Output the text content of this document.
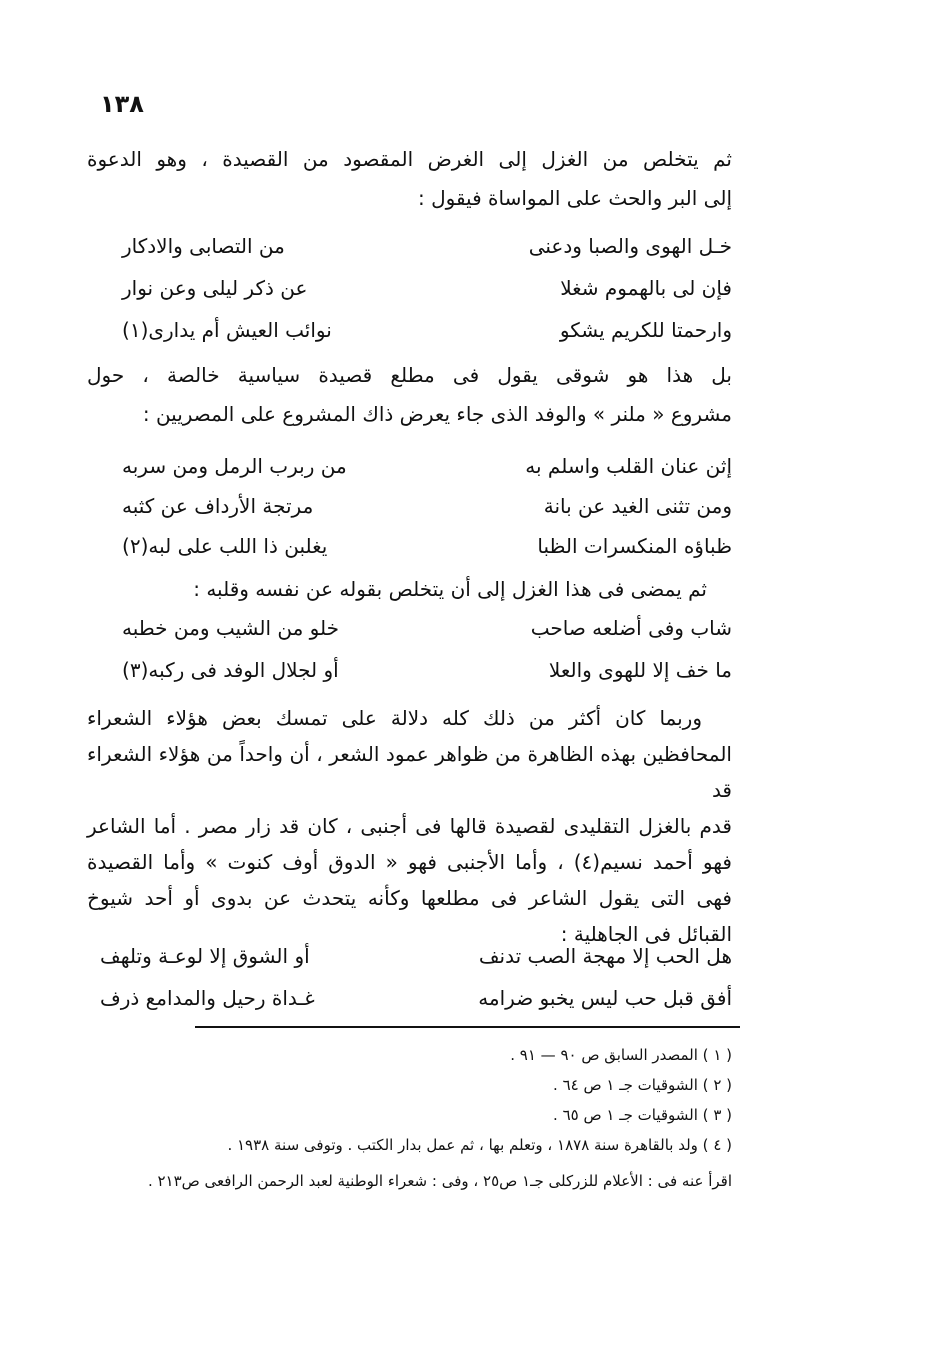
١٣٨
ثم يتخلص من الغزل إلى الغرض المقصود من القصيدة ، وهو الدعوة
إلى البر والحث على المواساة فيقول :
خـل الهوى والصبا ودعنى
من التصابى والادكار
فإن لى بالهموم شغلا
عن ذكر ليلى وعن نوار
وارحمتا للكريم يشكو
نوائب العيش أم يدارى(١)
بل هذا هو شوقى يقول فى مطلع قصيدة سياسية خالصة ، حول
مشروع « ملنر » والوفد الذى جاء يعرض ذاك المشروع على المصريين :
إثن عنان القلب واسلم به
من ربرب الرمل ومن سربه
ومن تثنى الغيد عن بانة
مرتجة الأرداف عن كثبه
ظباؤه المنكسرات الظبا
يغلبن ذا اللب على لبه(٢)
ثم يمضى فى هذا الغزل إلى أن يتخلص بقوله عن نفسه وقلبه :
شاب وفى أضلعه صاحب
خلو من الشيب ومن خطبه
ما خف إلا للهوى والعلا
أو لجلال الوفد فى ركبه(٣)
وربما كان أكثر من ذلك كله دلالة على تمسك بعض هؤلاء الشعراء
المحافظين بهذه الظاهرة من ظواهر عمود الشعر ، أن واحداً من هؤلاء الشعراء قد
قدم بالغزل التقليدى لقصيدة قالها فى أجنبى ، كان قد زار مصر . أما الشاعر
فهو أحمد نسيم(٤) ، وأما الأجنبى فهو « الدوق أوف كنوت » وأما القصيدة
فهى التى يقول الشاعر فى مطلعها وكأنه يتحدث عن بدوى أو أحد شيوخ
القبائل فى الجاهلية :
هل الحب إلا مهجة الصب تدنف
أو الشوق إلا لوعـة وتلهف
أفق قبل حب ليس يخبو ضرامه
غـداة رحيل والمدامع ذرف
( ١ ) المصدر السابق ص ٩٠ — ٩١ .
( ٢ ) الشوقيات جـ ١ ص ٦٤ .
( ٣ ) الشوقيات جـ ١ ص ٦٥ .
( ٤ ) ولد بالقاهرة سنة ١٨٧٨ ، وتعلم بها ، ثم عمل بدار الكتب . وتوفى سنة ١٩٣٨ .
اقرأ عنه فى : الأعلام للزركلى جـ١ ص٢٥ ، وفى : شعراء الوطنية لعبد الرحمن الرافعى ص٢١٣ .
